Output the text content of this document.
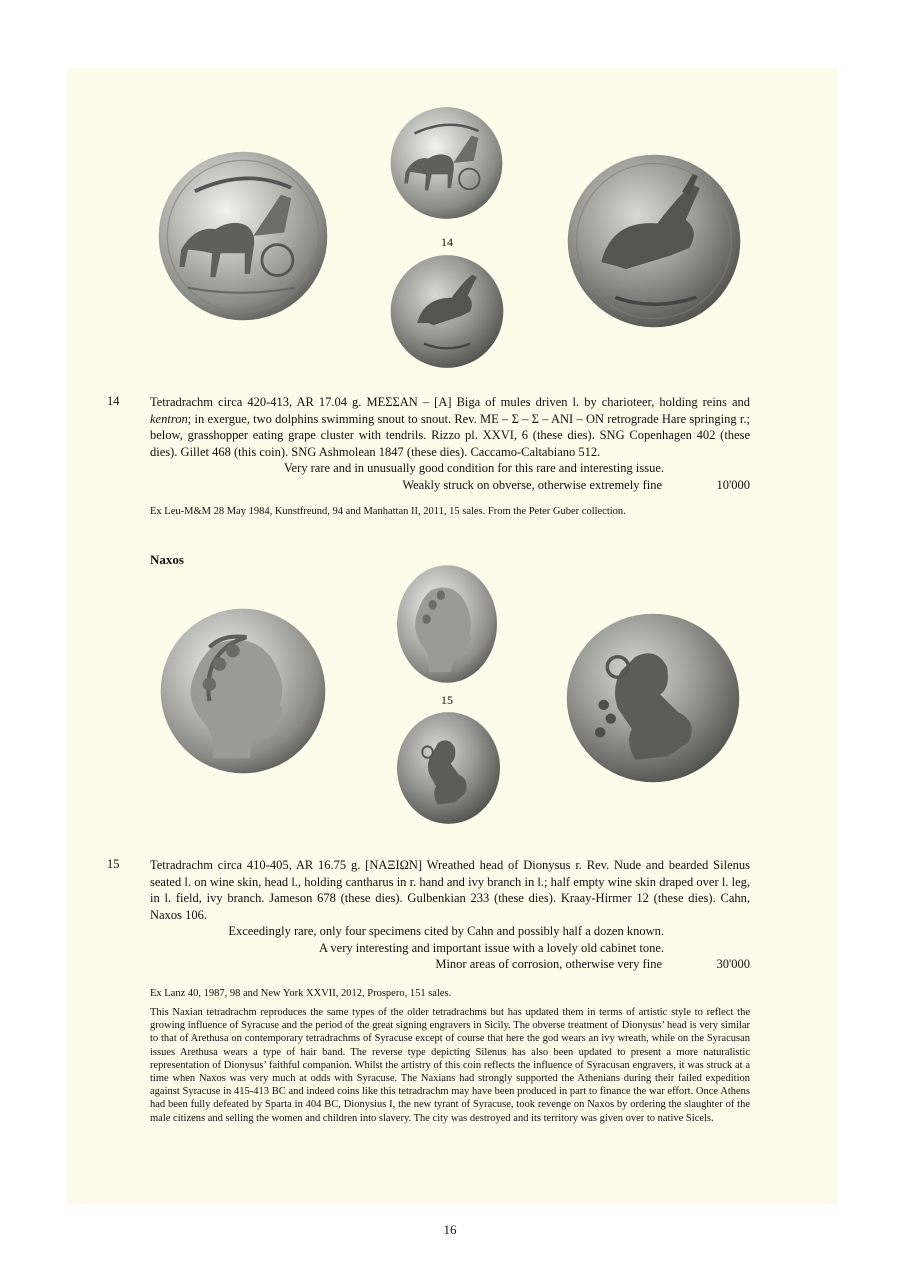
14
14 Tetradrachm circa 420-413, AR 17.04 g. ΜΕΣΣΑΝ – [Α] Biga of mules driven l. by charioteer, holding reins and kentron; in exergue, two dolphins swimming snout to snout. Rev. ΜΕ – Σ – Σ – ΑΝΙ – ΟΝ retrograde Hare springing r.; below, grasshopper eating grape cluster with tendrils. Rizzo pl. XXVI, 6 (these dies). SNG Copenhagen 402 (these dies). Gillet 468 (this coin). SNG Ashmolean 1847 (these dies). Caccamo-Caltabiano 512.

Very rare and in unusually good condition for this rare and interesting issue.
Weakly struck on obverse, otherwise extremely fine	10'000
Ex Leu-M&M 28 May 1984, Kunstfreund, 94 and Manhattan II, 2011, 15 sales. From the Peter Guber collection.
Naxos
15
15 Tetradrachm circa 410-405, AR 16.75 g. [ΝΑΞΙΩΝ] Wreathed head of Dionysus r. Rev. Nude and bearded Silenus seated l. on wine skin, head l., holding cantharus in r. hand and ivy branch in l.; half empty wine skin draped over l. leg, in l. field, ivy branch. Jameson 678 (these dies). Gulbenkian 233 (these dies). Kraay-Hirmer 12 (these dies). Cahn, Naxos 106.

Exceedingly rare, only four specimens cited by Cahn and possibly half a dozen known.
A very interesting and important issue with a lovely old cabinet tone.
Minor areas of corrosion, otherwise very fine	30'000
Ex Lanz 40, 1987, 98 and New York XXVII, 2012, Prospero, 151 sales.
This Naxian tetradrachm reproduces the same types of the older tetradrachms but has updated them in terms of artistic style to reflect the growing influence of Syracuse and the period of the great signing engravers in Sicily. The obverse treatment of Dionysus’ head is very similar to that of Arethusa on contemporary tetradrachms of Syracuse except of course that here the god wears an ivy wreath, while on the Syracusan issues Arethusa wears a type of hair band. The reverse type depicting Silenus has also been updated to present a more naturalistic representation of Dionysus’ faithful companion. Whilst the artistry of this coin reflects the influence of Syracusan engravers, it was struck at a time when Naxos was very much at odds with Syracuse. The Naxians had strongly supported the Athenians during their failed expedition against Syracuse in 415-413 BC and indeed coins like this tetradrachm may have been produced in part to finance the war effort. Once Athens had been fully defeated by Sparta in 404 BC, Dionysius I, the new tyrant of Syracuse, took revenge on Naxos by ordering the slaughter of the male citizens and selling the women and children into slavery. The city was destroyed and its territory was given over to native Sicels.
16
